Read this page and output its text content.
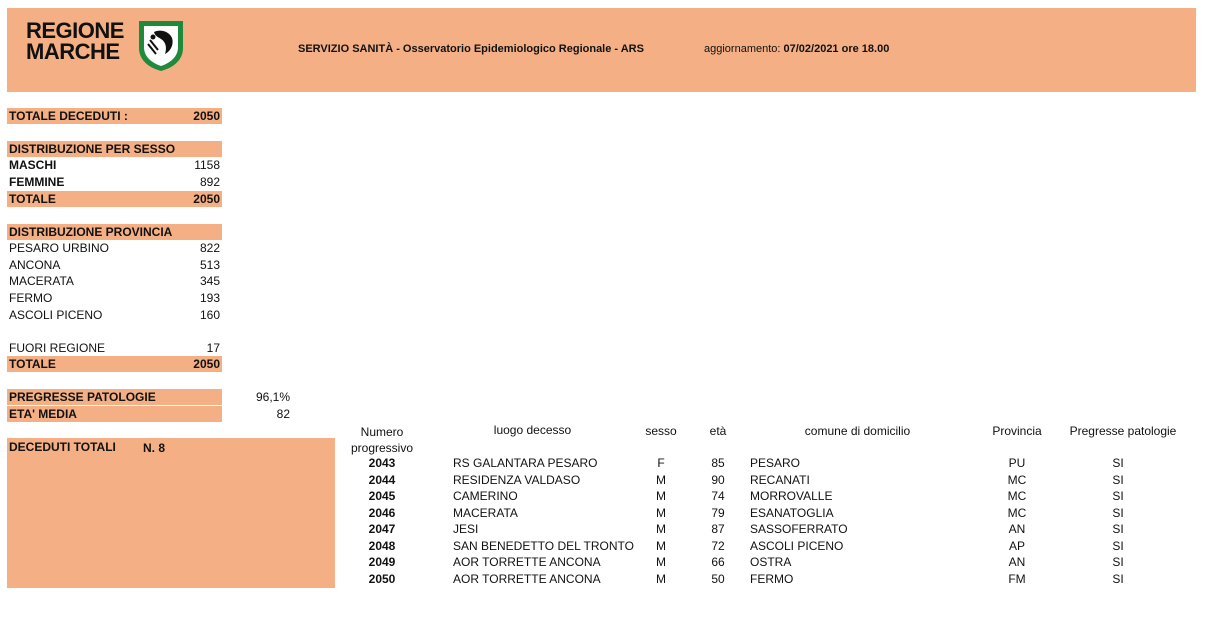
REGIONE
MARCHE	SERVIZIO SANITÀ - Osservatorio Epidemiologico Regionale - ARS	aggiornamento: 07/02/2021 ore 18.00
TOTALE DECEDUTI :	2050
DISTRIBUZIONE PER SESSO
MASCHI	1158
FEMMINE	892
TOTALE	2050
DISTRIBUZIONE PROVINCIA
PESARO URBINO	822
ANCONA	513
MACERATA	345
FERMO	193
ASCOLI PICENO	160
FUORI REGIONE	17
TOTALE	2050
PREGRESSE PATOLOGIE	96,1%
ETA' MEDIA	82
DECEDUTI TOTALI N. 8
Numero
progressivo
luogo decesso	sesso	età	comune di domicilio	Provincia	Pregresse patologie
2043	RS GALANTARA PESARO	F	85	PESARO	PU	SI
2044	RESIDENZA VALDASO	M	90	RECANATI	MC	SI
2045	CAMERINO	M	74	MORROVALLE	MC	SI
2046	MACERATA	M	79	ESANATOGLIA	MC	SI
2047	JESI	M	87	SASSOFERRATO	AN	SI
2048	SAN BENEDETTO DEL TRONTO	M	72	ASCOLI PICENO	AP	SI
2049	AOR TORRETTE ANCONA	M	66	OSTRA	AN	SI
2050	AOR TORRETTE ANCONA	M	50	FERMO	FM	SI
